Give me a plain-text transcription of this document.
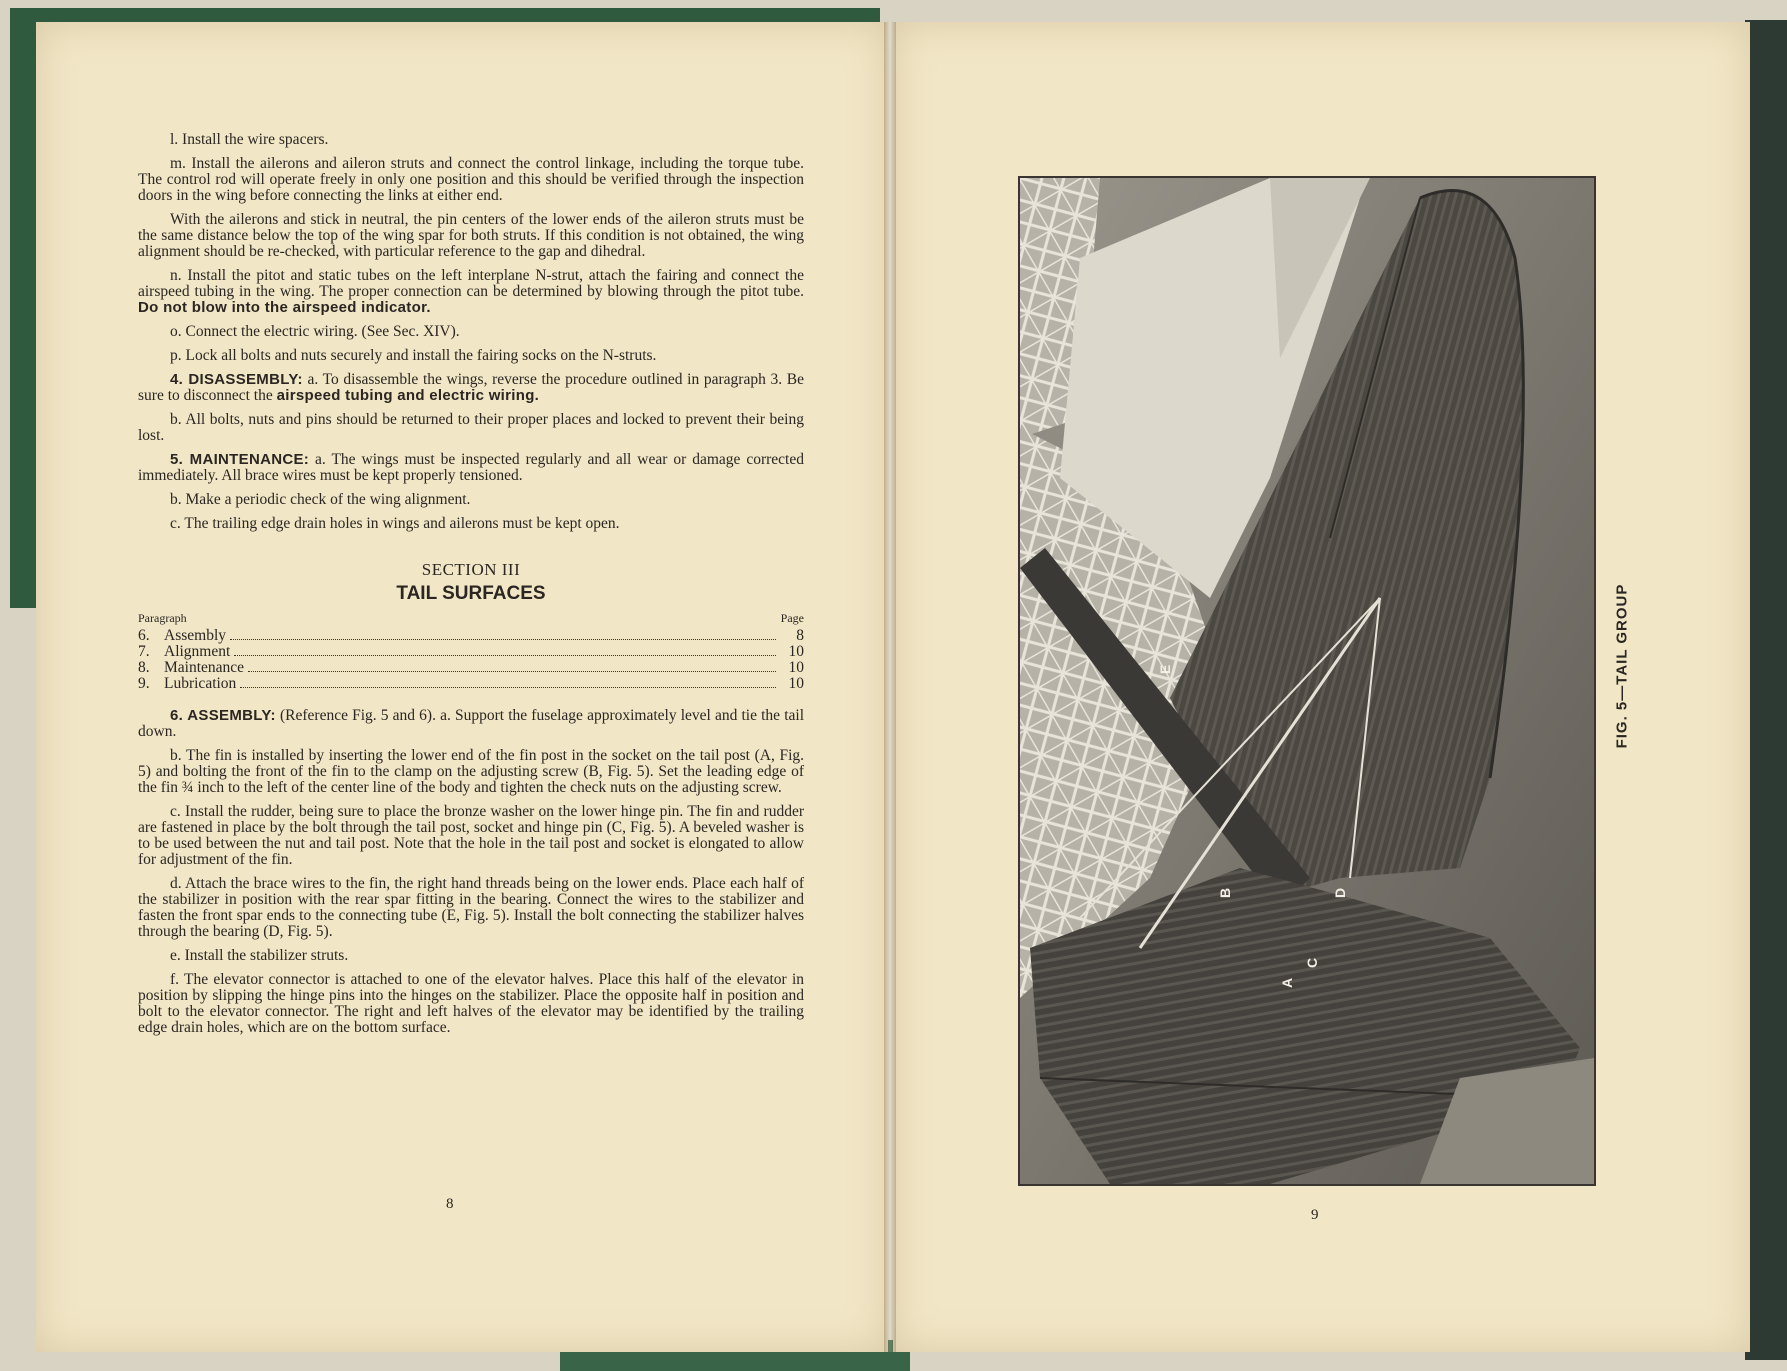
l. Install the wire spacers.
m. Install the ailerons and aileron struts and connect the control linkage, including the torque tube. The control rod will operate freely in only one position and this should be verified through the inspection doors in the wing before connecting the links at either end.
With the ailerons and stick in neutral, the pin centers of the lower ends of the aileron struts must be the same distance below the top of the wing spar for both struts. If this condition is not obtained, the wing alignment should be re-checked, with particular reference to the gap and dihedral.
n. Install the pitot and static tubes on the left interplane N-strut, attach the fairing and connect the airspeed tubing in the wing. The proper connection can be determined by blowing through the pitot tube. Do not blow into the airspeed indicator.
o. Connect the electric wiring. (See Sec. XIV).
p. Lock all bolts and nuts securely and install the fairing socks on the N-struts.
4. DISASSEMBLY: a. To disassemble the wings, reverse the procedure outlined in paragraph 3. Be sure to disconnect the airspeed tubing and electric wiring.
b. All bolts, nuts and pins should be returned to their proper places and locked to prevent their being lost.
5. MAINTENANCE: a. The wings must be inspected regularly and all wear or damage corrected immediately. All brace wires must be kept properly tensioned.
b. Make a periodic check of the wing alignment.
c. The trailing edge drain holes in wings and ailerons must be kept open.
SECTION III
TAIL SURFACES
Paragraph	Page
6. Assembly	8
7. Alignment	10
8. Maintenance	10
9. Lubrication	10
6. ASSEMBLY: (Reference Fig. 5 and 6). a. Support the fuselage approximately level and tie the tail down.
b. The fin is installed by inserting the lower end of the fin post in the socket on the tail post (A, Fig. 5) and bolting the front of the fin to the clamp on the adjusting screw (B, Fig. 5). Set the leading edge of the fin ¾ inch to the left of the center line of the body and tighten the check nuts on the adjusting screw.
c. Install the rudder, being sure to place the bronze washer on the lower hinge pin. The fin and rudder are fastened in place by the bolt through the tail post, socket and hinge pin (C, Fig. 5). A beveled washer is to be used between the nut and tail post. Note that the hole in the tail post and socket is elongated to allow for adjustment of the fin.
d. Attach the brace wires to the fin, the right hand threads being on the lower ends. Place each half of the stabilizer in position with the rear spar fitting in the bearing. Connect the wires to the stabilizer and fasten the front spar ends to the connecting tube (E, Fig. 5). Install the bolt connecting the stabilizer halves through the bearing (D, Fig. 5).
e. Install the stabilizer struts.
f. The elevator connector is attached to one of the elevator halves. Place this half of the elevator in position by slipping the hinge pins into the hinges on the stabilizer. Place the opposite half in position and bolt to the elevator connector. The right and left halves of the elevator may be identified by the trailing edge drain holes, which are on the bottom surface.
8
E
B	D
C
A
FIG. 5—TAIL GROUP
9
